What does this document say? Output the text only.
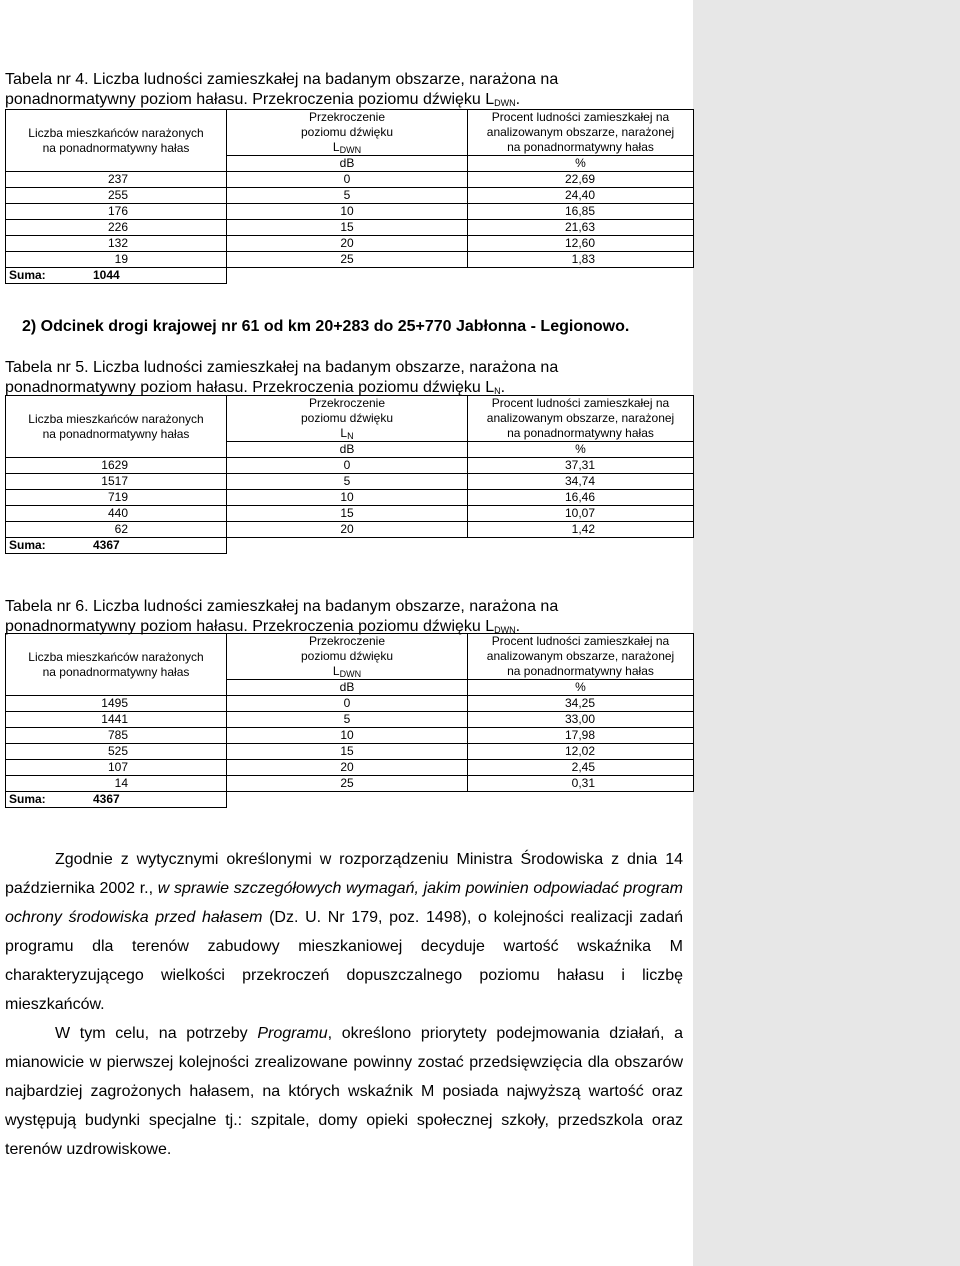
Tabela nr 4. Liczba ludności zamieszkałej na badanym obszarze, narażona na
ponadnormatywny poziom hałasu. Przekroczenia poziomu dźwięku $L_{DWN}$.
Liczba mieszkańców narażonych
na ponadnormatywny hałas	Przekroczenie
poziomu dźwięku
$L_{DWN}$	Procent ludności zamieszkałej na
analizowanym obszarze, narażonej
na ponadnormatywny hałas
	dB	%
237	0	22,69
255	5	24,40
176	10	16,85
226	15	21,63
132	20	12,60
19	25	1,83
Suma: 1044		
2) Odcinek drogi krajowej nr 61 od km 20+283 do 25+770 Jabłonna - Legionowo.
Tabela nr 5. Liczba ludności zamieszkałej na badanym obszarze, narażona na
ponadnormatywny poziom hałasu. Przekroczenia poziomu dźwięku $L_N$.
Liczba mieszkańców narażonych
na ponadnormatywny hałas	Przekroczenie
poziomu dźwięku
$L_N$	Procent ludności zamieszkałej na
analizowanym obszarze, narażonej
na ponadnormatywny hałas
	dB	%
1629	0	37,31
1517	5	34,74
719	10	16,46
440	15	10,07
62	20	1,42
Suma: 4367		
Tabela nr 6. Liczba ludności zamieszkałej na badanym obszarze, narażona na
ponadnormatywny poziom hałasu. Przekroczenia poziomu dźwięku $L_{DWN}$.
Liczba mieszkańców narażonych
na ponadnormatywny hałas	Przekroczenie
poziomu dźwięku
$L_{DWN}$	Procent ludności zamieszkałej na
analizowanym obszarze, narażonej
na ponadnormatywny hałas
	dB	%
1495	0	34,25
1441	5	33,00
785	10	17,98
525	15	12,02
107	20	2,45
14	25	0,31
Suma: 4367		

Zgodnie z wytycznymi określonymi w rozporządzeniu Ministra Środowiska z dnia 14 października 2002 r., w sprawie szczegółowych wymagań, jakim powinien odpowiadać program ochrony środowiska przed hałasem (Dz. U. Nr 179, poz. 1498), o kolejności realizacji zadań programu dla terenów zabudowy mieszkaniowej decyduje wartość wskaźnika M charakteryzującego wielkości przekroczeń dopuszczalnego poziomu hałasu i liczbę mieszkańców.

W tym celu, na potrzeby Programu, określono priorytety podejmowania działań, a mianowicie w pierwszej kolejności zrealizowane powinny zostać przedsięwzięcia dla obszarów najbardziej zagrożonych hałasem, na których wskaźnik M posiada najwyższą wartość oraz występują budynki specjalne tj.: szpitale, domy opieki społecznej szkoły, przedszkola oraz terenów uzdrowiskowe.
